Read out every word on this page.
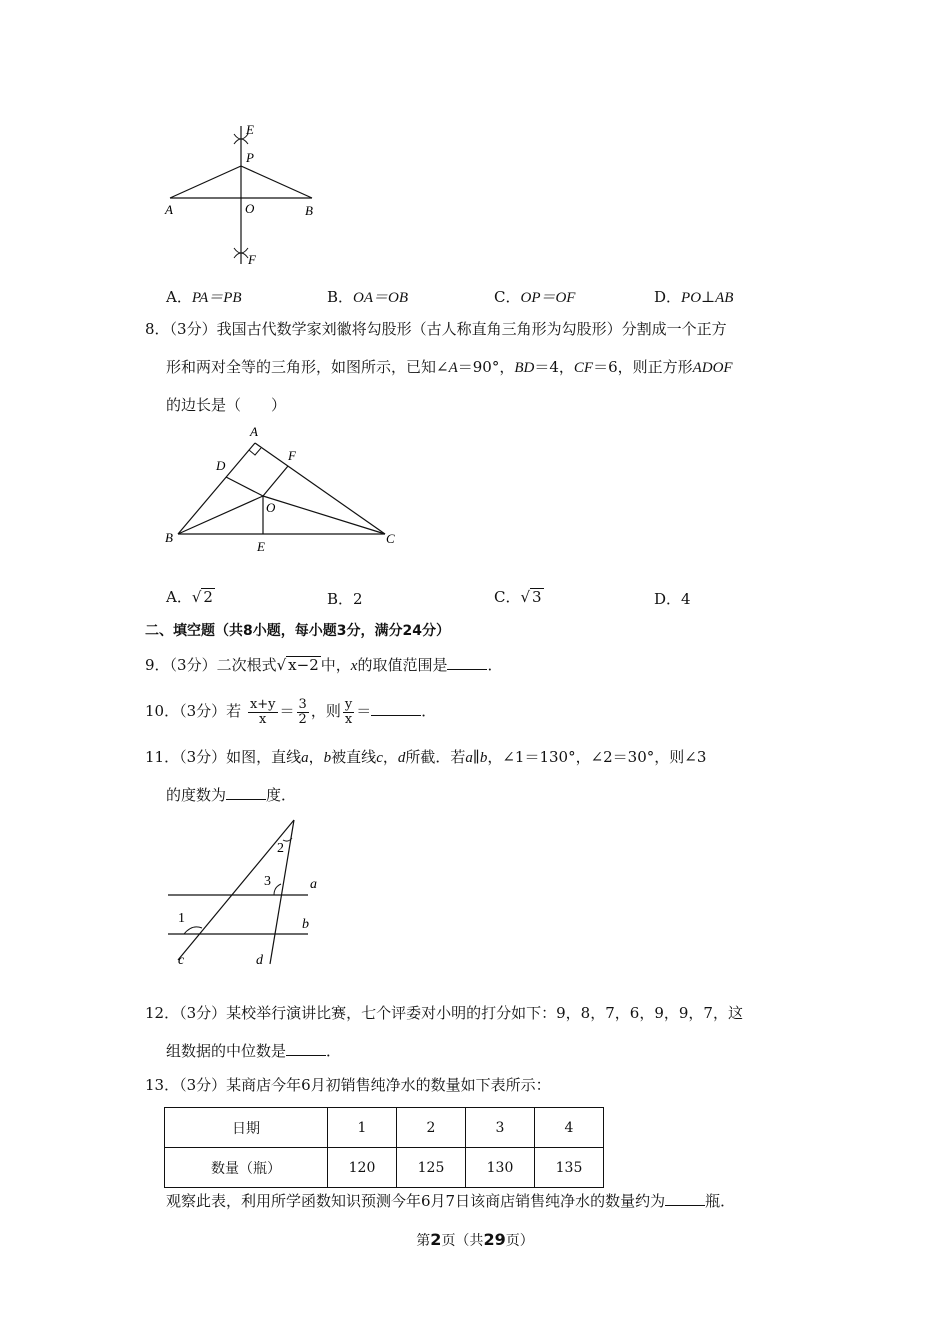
E
P
A	O	B
F
A．PA＝PB	B．OA＝OB	C．OP＝OF	D．PO⊥AB
8．（3分）我国古代数学家刘徽将勾股形（古人称直角三角形为勾股形）分割成一个正方
形和两对全等的三角形，如图所示，已知∠A＝90°，BD＝4，CF＝6，则正方形ADOF
的边长是（　　）
A
D
F
O
B	C
E
A．√ 2	B．2	C．√ 3	D．4
二、填空题（共8小题，每小题3分，满分24分）
9．（3分）二次根式√ x−2 中，x的取值范围是	．
10．（3分）若 $\frac{x+y}{x} = \frac{3}{2}$ ，则 $\frac{y}{x}$ ＝	．
11．（3分）如图，直线a，b被直线c，d所截．若a∥b，∠1＝130°，∠2＝30°，则∠3
的度数为	度．
1
2
3	a
b
c	d
12．（3分）某校举行演讲比赛，七个评委对小明的打分如下：9，8，7，6，9，9，7，这
组数据的中位数是	．
13．（3分）某商店今年6月初销售纯净水的数量如下表所示：
日期	1	2	3	4
数量（瓶）	120	125	130	135
观察此表，利用所学函数知识预测今年6月7日该商店销售纯净水的数量约为	瓶．
第2页（共29页）
